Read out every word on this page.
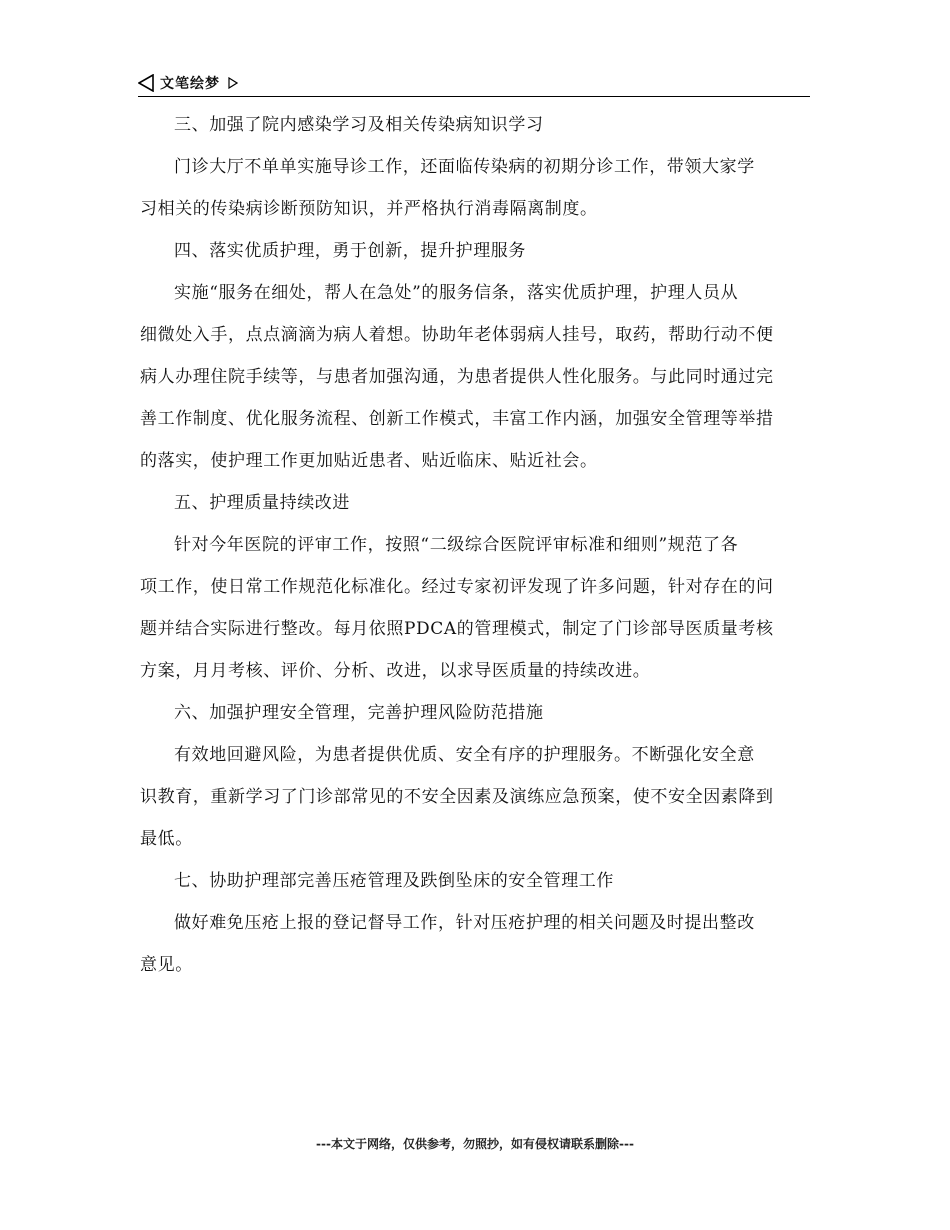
文笔绘梦
三、加强了院内感染学习及相关传染病知识学习
门诊大厅不单单实施导诊工作，还面临传染病的初期分诊工作，带领大家学
习相关的传染病诊断预防知识，并严格执行消毒隔离制度。
四、落实优质护理，勇于创新，提升护理服务
实施“服务在细处，帮人在急处”的服务信条，落实优质护理，护理人员从
细微处入手，点点滴滴为病人着想。协助年老体弱病人挂号，取药，帮助行动不便
病人办理住院手续等，与患者加强沟通，为患者提供人性化服务。与此同时通过完
善工作制度、优化服务流程、创新工作模式，丰富工作内涵，加强安全管理等举措
的落实，使护理工作更加贴近患者、贴近临床、贴近社会。
五、护理质量持续改进
针对今年医院的评审工作，按照“二级综合医院评审标准和细则”规范了各
项工作，使日常工作规范化标准化。经过专家初评发现了许多问题，针对存在的问
题并结合实际进行整改。每月依照PDCA的管理模式，制定了门诊部导医质量考核
方案，月月考核、评价、分析、改进，以求导医质量的持续改进。
六、加强护理安全管理，完善护理风险防范措施
有效地回避风险，为患者提供优质、安全有序的护理服务。不断强化安全意
识教育，重新学习了门诊部常见的不安全因素及演练应急预案，使不安全因素降到
最低。
七、协助护理部完善压疮管理及跌倒坠床的安全管理工作
做好难免压疮上报的登记督导工作，针对压疮护理的相关问题及时提出整改
意见。
---本文于网络，仅供参考，勿照抄，如有侵权请联系删除---
